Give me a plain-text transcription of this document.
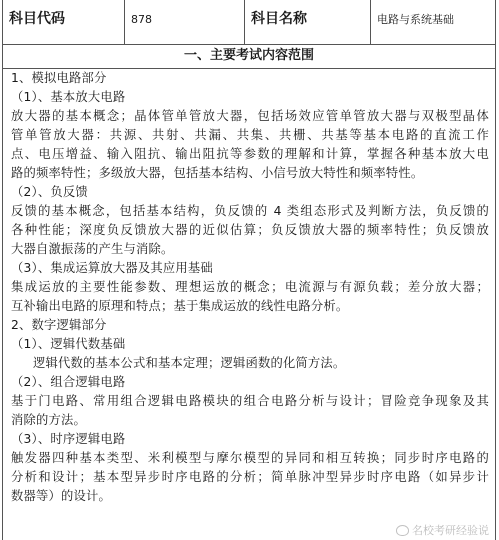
科目代码	878	科目名称	电路与系统基础
一、主要考试内容范围
1、模拟电路部分
（1）、基本放大电路
放大器的基本概念；晶体管单管放大器，包括场效应管单管放大器与双极型晶体
管单管放大器：共源、共射、共漏、共集、共栅、共基等基本电路的直流工作
点、电压增益、输入阻抗、输出阻抗等参数的理解和计算，掌握各种基本放大电
路的频率特性；多级放大器，包括基本结构、小信号放大特性和频率特性。
（2）、负反馈
反馈的基本概念，包括基本结构，负反馈的 4 类组态形式及判断方法，负反馈的
各种性能；深度负反馈放大器的近似估算；负反馈放大器的频率特性；负反馈放
大器自激振荡的产生与消除。
（3）、集成运算放大器及其应用基础
集成运放的主要性能参数、理想运放的概念；电流源与有源负载；差分放大器；
互补输出电路的原理和特点；基于集成运放的线性电路分析。
2、数字逻辑部分
（1）、逻辑代数基础
逻辑代数的基本公式和基本定理；逻辑函数的化简方法。
（2）、组合逻辑电路
基于门电路、常用组合逻辑电路模块的组合电路分析与设计；冒险竞争现象及其
消除的方法。
（3）、时序逻辑电路
触发器四种基本类型、米利模型与摩尔模型的异同和相互转换；同步时序电路的
分析和设计；基本型异步时序电路的分析；简单脉冲型异步时序电路（如异步计
数器等）的设计。
名校考研经验说
